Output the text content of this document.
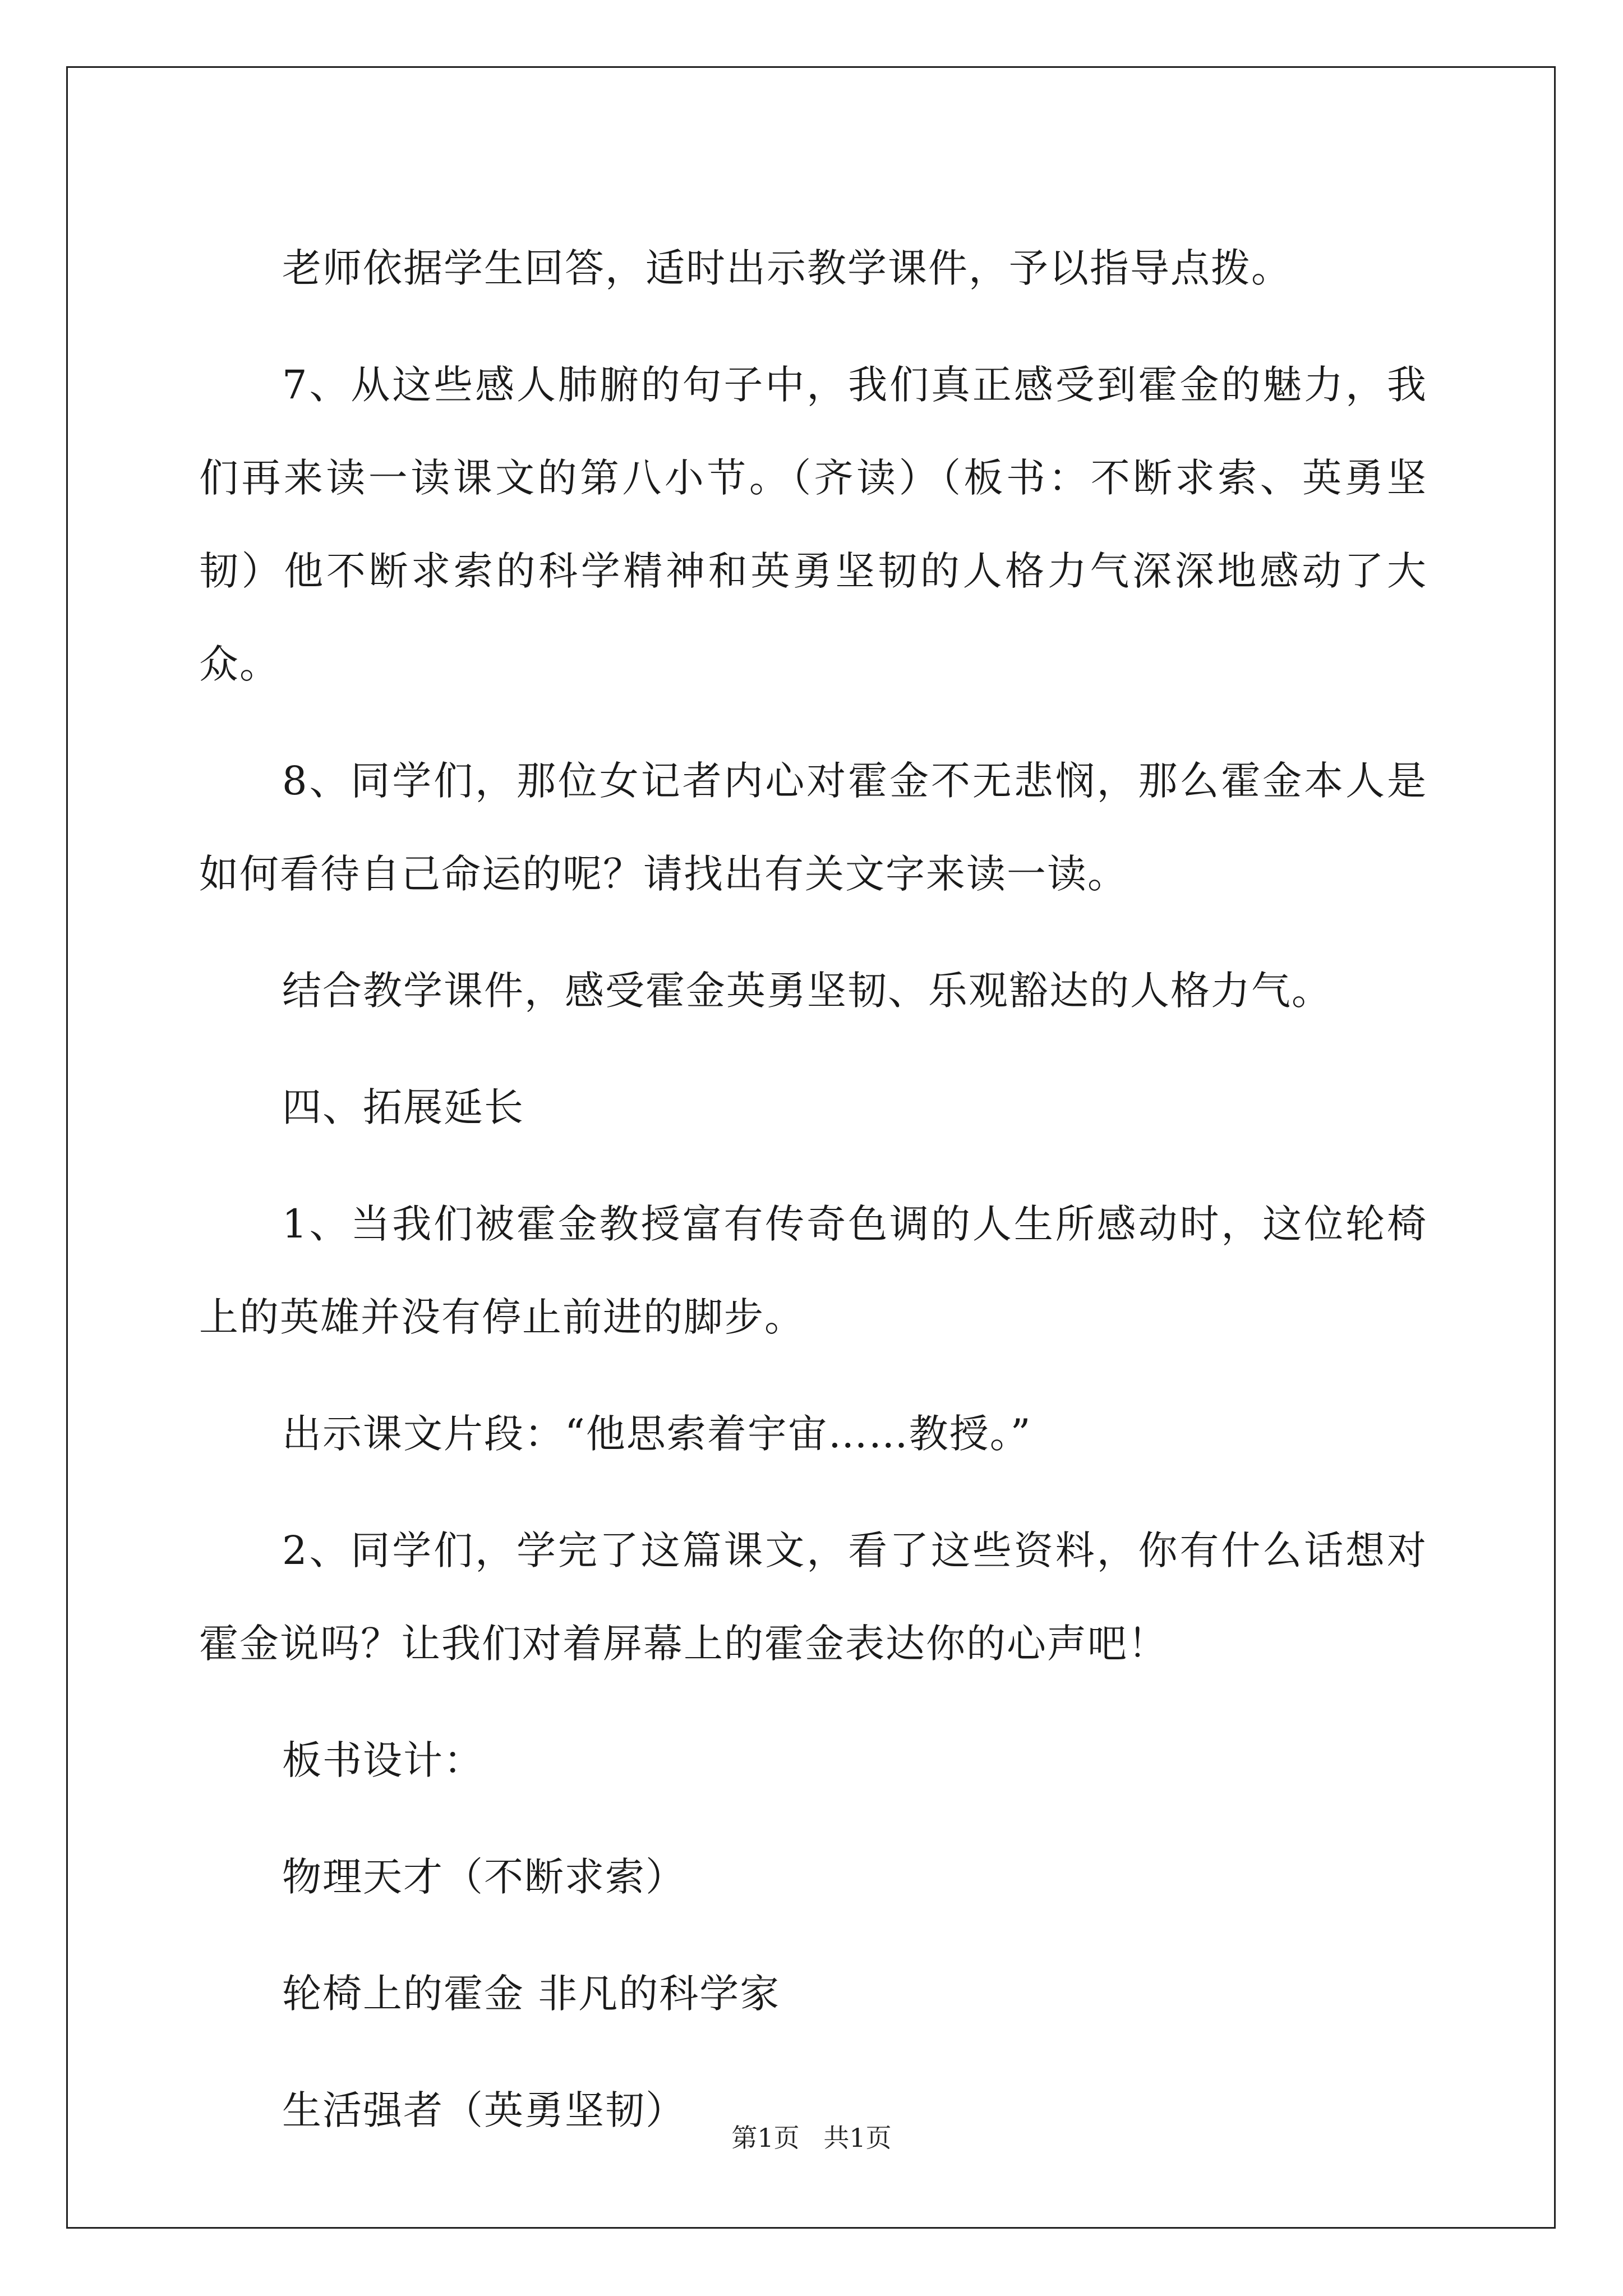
老师依据学生回答，适时出示教学课件，予以指导点拨。

7、从这些感人肺腑的句子中，我们真正感受到霍金的魅力，我们再来读一读课文的第八小节。（齐读）（板书：不断求索、英勇坚韧）他不断求索的科学精神和英勇坚韧的人格力气深深地感动了大众。

8、同学们，那位女记者内心对霍金不无悲悯，那么霍金本人是如何看待自己命运的呢？请找出有关文字来读一读。

结合教学课件，感受霍金英勇坚韧、乐观豁达的人格力气。

四、拓展延长

1、当我们被霍金教授富有传奇色调的人生所感动时，这位轮椅上的英雄并没有停止前进的脚步。

出示课文片段：“他思索着宇宙……教授。”

2、同学们，学完了这篇课文，看了这些资料，你有什么话想对霍金说吗？让我们对着屏幕上的霍金表达你的心声吧！

板书设计：

物理天才（不断求索）

轮椅上的霍金 非凡的科学家

生活强者（英勇坚韧）

第1页 共1页
